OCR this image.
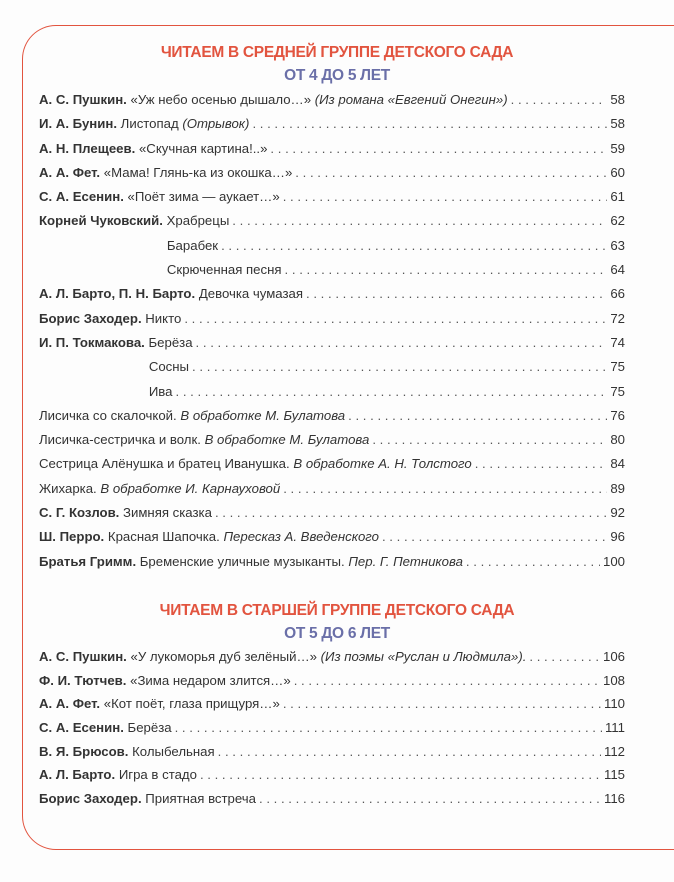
ЧИТАЕМ В СРЕДНЕЙ ГРУППЕ ДЕТСКОГО САДА
ОТ 4 ДО 5 ЛЕТ
А. С. Пушкин. «Уж небо осенью дышало…» (Из романа «Евгений Онегин») . . .	58
И. А. Бунин. Листопад (Отрывок) . . .	58
А. Н. Плещеев. «Скучная картина!..» . . .	59
А. А. Фет. «Мама! Глянь-ка из окошка…» . . .	60
С. А. Есенин. «Поёт зима — аукает…» . . .	61
Корней Чуковский. Храбрецы . . .	62
Барабек . . .	63
Скрюченная песня . . .	64
А. Л. Барто, П. Н. Барто. Девочка чумазая . . .	66
Борис Заходер. Никто . . .	72
И. П. Токмакова. Берёза . . .	74
Сосны . . .	75
Ива . . .	75
Лисичка со скалочкой. В обработке М. Булатова . . .	76
Лисичка-сестричка и волк. В обработке М. Булатова . . .	80
Сестрица Алёнушка и братец Иванушка. В обработке А. Н. Толстого . . .	84
Жихарка. В обработке И. Карнауховой . . .	89
С. Г. Козлов. Зимняя сказка . . .	92
Ш. Перро. Красная Шапочка. Пересказ А. Введенского . . .	96
Братья Гримм. Бременские уличные музыканты. Пер. Г. Петникова . . .	100
ЧИТАЕМ В СТАРШЕЙ ГРУППЕ ДЕТСКОГО САДА
ОТ 5 ДО 6 ЛЕТ
А. С. Пушкин. «У лукоморья дуб зелёный…» (Из поэмы «Руслан и Людмила»). . . .	106
Ф. И. Тютчев. «Зима недаром злится…» . . .	108
А. А. Фет. «Кот поёт, глаза прищуря…» . . .	110
С. А. Есенин. Берёза . . .	111
В. Я. Брюсов. Колыбельная . . .	112
А. Л. Барто. Игра в стадо . . .	115
Борис Заходер. Приятная встреча . . .	116
